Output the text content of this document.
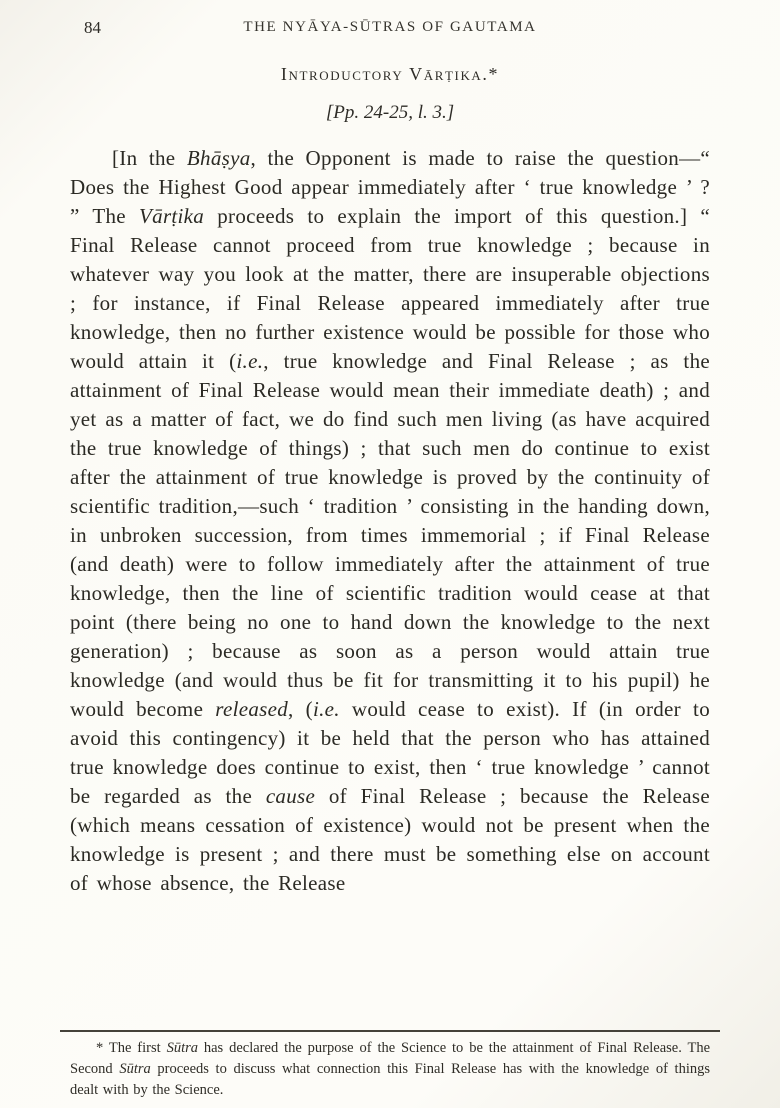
84	THE NYĀYA-SŪTRAS OF GAUTAMA
Introductory Vārṭika.*
[Pp. 24-25, l. 3.]

[In the Bhāṣya, the Opponent is made to raise the question—“ Does the Highest Good appear immediately after ‘ true knowledge ’ ? ” The Vārṭika proceeds to explain the import of this question.] “ Final Release cannot proceed from true knowledge ; because in whatever way you look at the matter, there are insuperable objections ; for instance, if Final Release appeared immediately after true knowledge, then no further existence would be possible for those who would attain it (i.e., true knowledge and Final Release ; as the attainment of Final Release would mean their immediate death) ; and yet as a matter of fact, we do find such men living (as have acquired the true knowledge of things) ; that such men do continue to exist after the attainment of true knowledge is proved by the continuity of scientific tradition,—such ‘ tradition ’ consisting in the handing down, in unbroken succession, from times immemorial ; if Final Release (and death) were to follow immediately after the attainment of true knowledge, then the line of scientific tradition would cease at that point (there being no one to hand down the knowledge to the next generation) ; because as soon as a person would attain true knowledge (and would thus be fit for transmitting it to his pupil) he would become released, (i.e. would cease to exist). If (in order to avoid this contingency) it be held that the person who has attained true knowledge does continue to exist, then ‘ true knowledge ’ cannot be regarded as the cause of Final Release ; because the Release (which means cessation of existence) would not be present when the knowledge is present ; and there must be something else on account of whose absence, the Release

* The first Sūtra has declared the purpose of the Science to be the attainment of Final Release. The Second Sūtra proceeds to discuss what connection this Final Release has with the knowledge of things dealt with by the Science.
